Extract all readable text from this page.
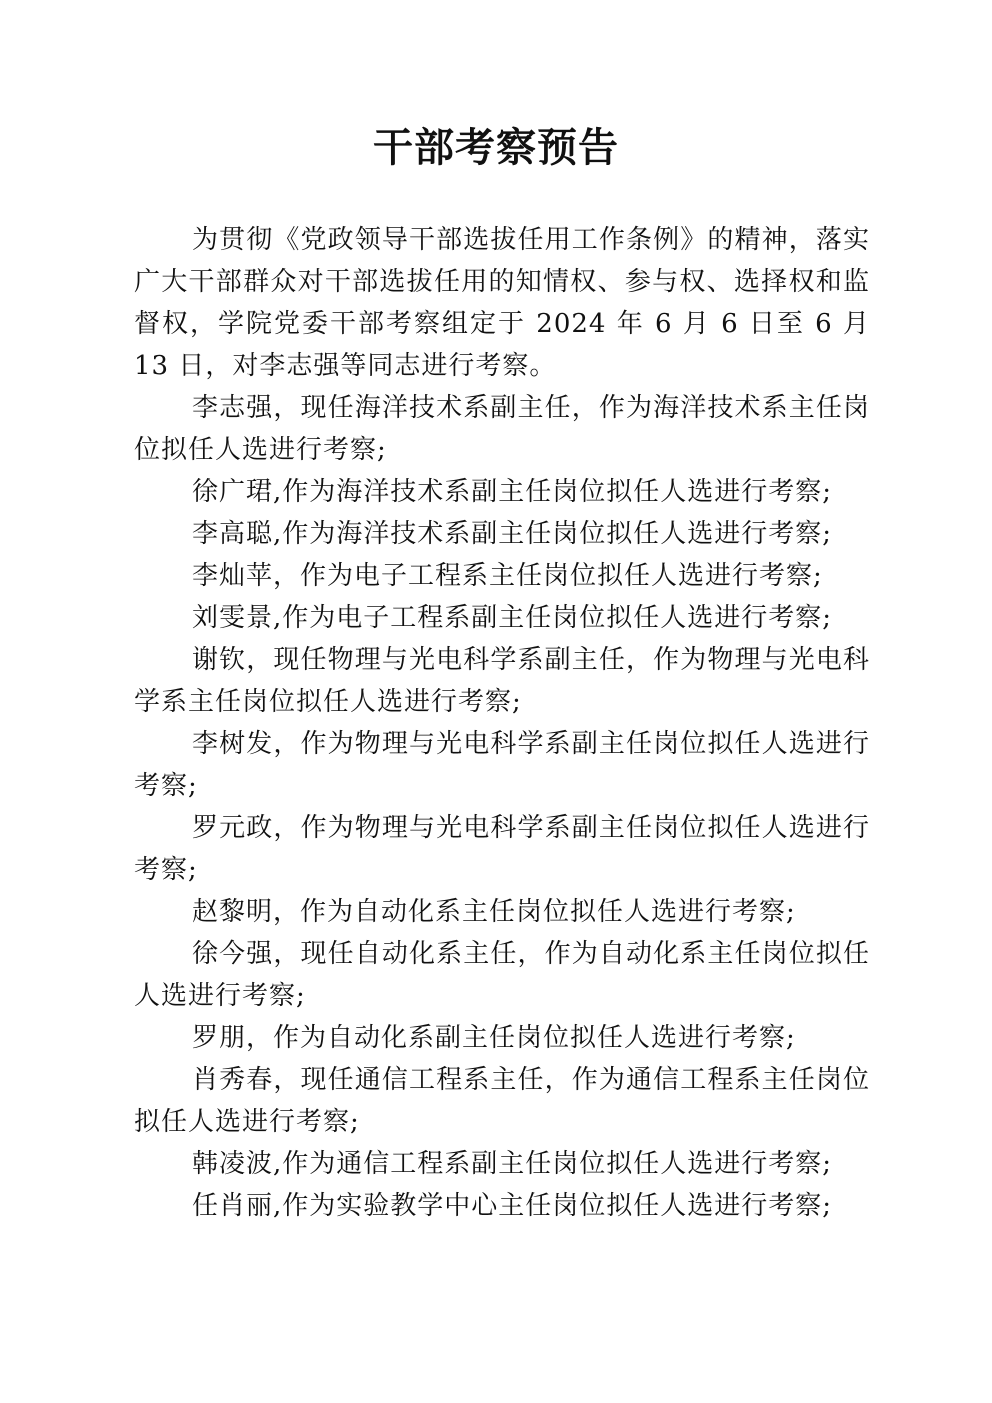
干部考察预告

为贯彻《党政领导干部选拔任用工作条例》的精神，落实广大干部群众对干部选拔任用的知情权、参与权、选择权和监督权，学院党委干部考察组定于 2024 年 6 月 6 日至 6 月 13 日，对李志强等同志进行考察。

李志强，现任海洋技术系副主任，作为海洋技术系主任岗位拟任人选进行考察;

徐广珺,作为海洋技术系副主任岗位拟任人选进行考察;

李高聪,作为海洋技术系副主任岗位拟任人选进行考察;

李灿苹，作为电子工程系主任岗位拟任人选进行考察;

刘雯景,作为电子工程系副主任岗位拟任人选进行考察;

谢钦，现任物理与光电科学系副主任，作为物理与光电科学系主任岗位拟任人选进行考察;

李树发，作为物理与光电科学系副主任岗位拟任人选进行考察;

罗元政，作为物理与光电科学系副主任岗位拟任人选进行考察;

赵黎明，作为自动化系主任岗位拟任人选进行考察;

徐今强，现任自动化系主任，作为自动化系主任岗位拟任人选进行考察;

罗朋，作为自动化系副主任岗位拟任人选进行考察;

肖秀春，现任通信工程系主任，作为通信工程系主任岗位拟任人选进行考察;

韩凌波,作为通信工程系副主任岗位拟任人选进行考察;

任肖丽,作为实验教学中心主任岗位拟任人选进行考察;
